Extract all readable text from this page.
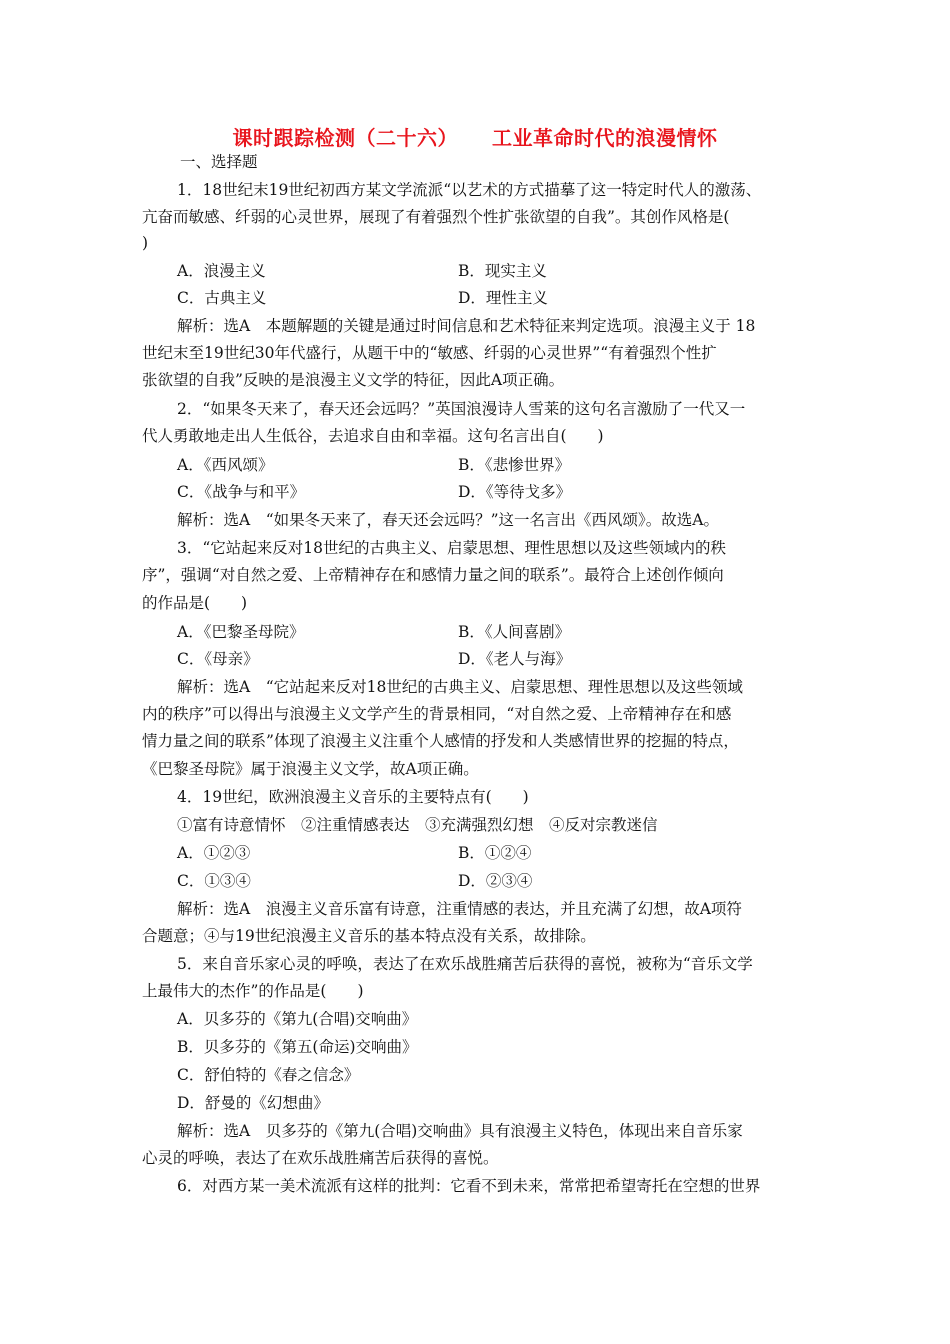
课时跟踪检测（二十六） 工业革命时代的浪漫情怀
一、选择题
1．18世纪末19世纪初西方某文学流派“以艺术的方式描摹了这一特定时代人的激荡、
亢奋而敏感、纤弱的心灵世界，展现了有着强烈个性扩张欲望的自我”。其创作风格是(
)
A．浪漫主义	B．现实主义
C．古典主义	D．理性主义
解析：选A　本题解题的关键是通过时间信息和艺术特征来判定选项。浪漫主义于 18
世纪末至19世纪30年代盛行，从题干中的“敏感、纤弱的心灵世界”“有着强烈个性扩
张欲望的自我”反映的是浪漫主义文学的特征，因此A项正确。
2．“如果冬天来了，春天还会远吗？”英国浪漫诗人雪莱的这句名言激励了一代又一
代人勇敢地走出人生低谷，去追求自由和幸福。这句名言出自(　　)
A．《西风颂》	B．《悲惨世界》
C．《战争与和平》	D．《等待戈多》
解析：选A　“如果冬天来了，春天还会远吗？”这一名言出《西风颂》。故选A。
3．“它站起来反对18世纪的古典主义、启蒙思想、理性思想以及这些领域内的秩
序”，强调“对自然之爱、上帝精神存在和感情力量之间的联系”。最符合上述创作倾向
的作品是(　　)
A．《巴黎圣母院》	B．《人间喜剧》
C．《母亲》	D．《老人与海》
解析：选A　“它站起来反对18世纪的古典主义、启蒙思想、理性思想以及这些领域
内的秩序”可以得出与浪漫主义文学产生的背景相同，“对自然之爱、上帝精神存在和感
情力量之间的联系”体现了浪漫主义注重个人感情的抒发和人类感情世界的挖掘的特点，
《巴黎圣母院》属于浪漫主义文学，故A项正确。
4．19世纪，欧洲浪漫主义音乐的主要特点有(　　)
①富有诗意情怀　②注重情感表达　③充满强烈幻想　④反对宗教迷信
A．①②③	B．①②④
C．①③④	D．②③④
解析：选A　浪漫主义音乐富有诗意，注重情感的表达，并且充满了幻想，故A项符
合题意；④与19世纪浪漫主义音乐的基本特点没有关系，故排除。
5．来自音乐家心灵的呼唤，表达了在欢乐战胜痛苦后获得的喜悦，被称为“音乐文学
上最伟大的杰作”的作品是(　　)
A．贝多芬的《第九(合唱)交响曲》
B．贝多芬的《第五(命运)交响曲》
C．舒伯特的《春之信念》
D．舒曼的《幻想曲》
解析：选A　贝多芬的《第九(合唱)交响曲》具有浪漫主义特色，体现出来自音乐家
心灵的呼唤，表达了在欢乐战胜痛苦后获得的喜悦。
6．对西方某一美术流派有这样的批判：它看不到未来，常常把希望寄托在空想的世界
